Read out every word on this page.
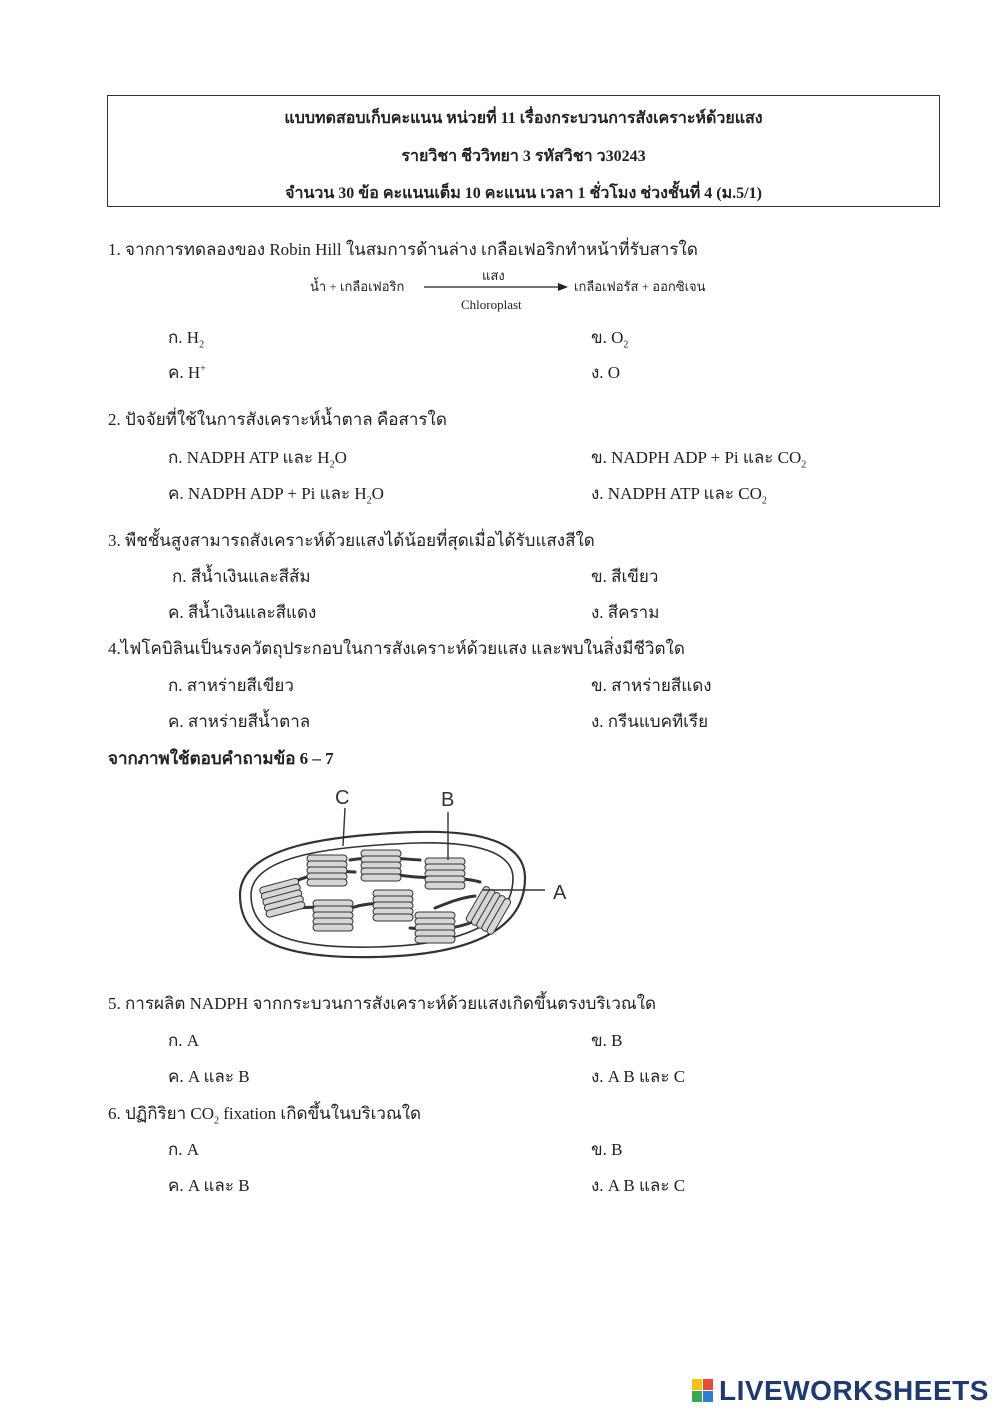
แบบทดสอบเก็บคะแนน หน่วยที่ 11 เรื่องกระบวนการสังเคราะห์ด้วยแสง
รายวิชา ชีววิทยา 3 รหัสวิชา ว30243
จำนวน 30 ข้อ คะแนนเต็ม 10 คะแนน เวลา 1 ชั่วโมง ช่วงชั้นที่ 4 (ม.5/1)
1. จากการทดลองของ Robin Hill ในสมการด้านล่าง เกลือเฟอริกทำหน้าที่รับสารใด
น้ำ + เกลือเฟอริก
แสง
Chloroplast
เกลือเฟอรัส + ออกซิเจน
ก. $H_2$	ข. $O_2$
ค. H+	ง. O
2. ปัจจัยที่ใช้ในการสังเคราะห์น้ำตาล คือสารใด
ก. NADPH ATP และ $H_2O$	ข. NADPH ADP + Pi และ $CO_2$
ค. NADPH ADP + Pi และ $H_2O$	ง. NADPH ATP และ $CO_2$
3. พืชชั้นสูงสามารถสังเคราะห์ด้วยแสงได้น้อยที่สุดเมื่อได้รับแสงสีใด
ก. สีน้ำเงินและสีส้ม	ข. สีเขียว
ค. สีน้ำเงินและสีแดง	ง. สีคราม
4.ไฟโคบิลินเป็นรงควัตถุประกอบในการสังเคราะห์ด้วยแสง และพบในสิ่งมีชีวิตใด
ก. สาหร่ายสีเขียว	ข. สาหร่ายสีแดง
ค. สาหร่ายสีน้ำตาล	ง. กรีนแบคทีเรีย
จากภาพใช้ตอบคำถามข้อ 6 – 7
C	B
A
5. การผลิต NADPH จากกระบวนการสังเคราะห์ด้วยแสงเกิดขึ้นตรงบริเวณใด
ก. A	ข. B
ค. A และ B	ง. A B และ C
6. ปฏิกิริยา $CO_2$ fixation เกิดขึ้นในบริเวณใด
ก. A	ข. B
ค. A และ B	ง. A B และ C
LIVEWORKSHEETS
